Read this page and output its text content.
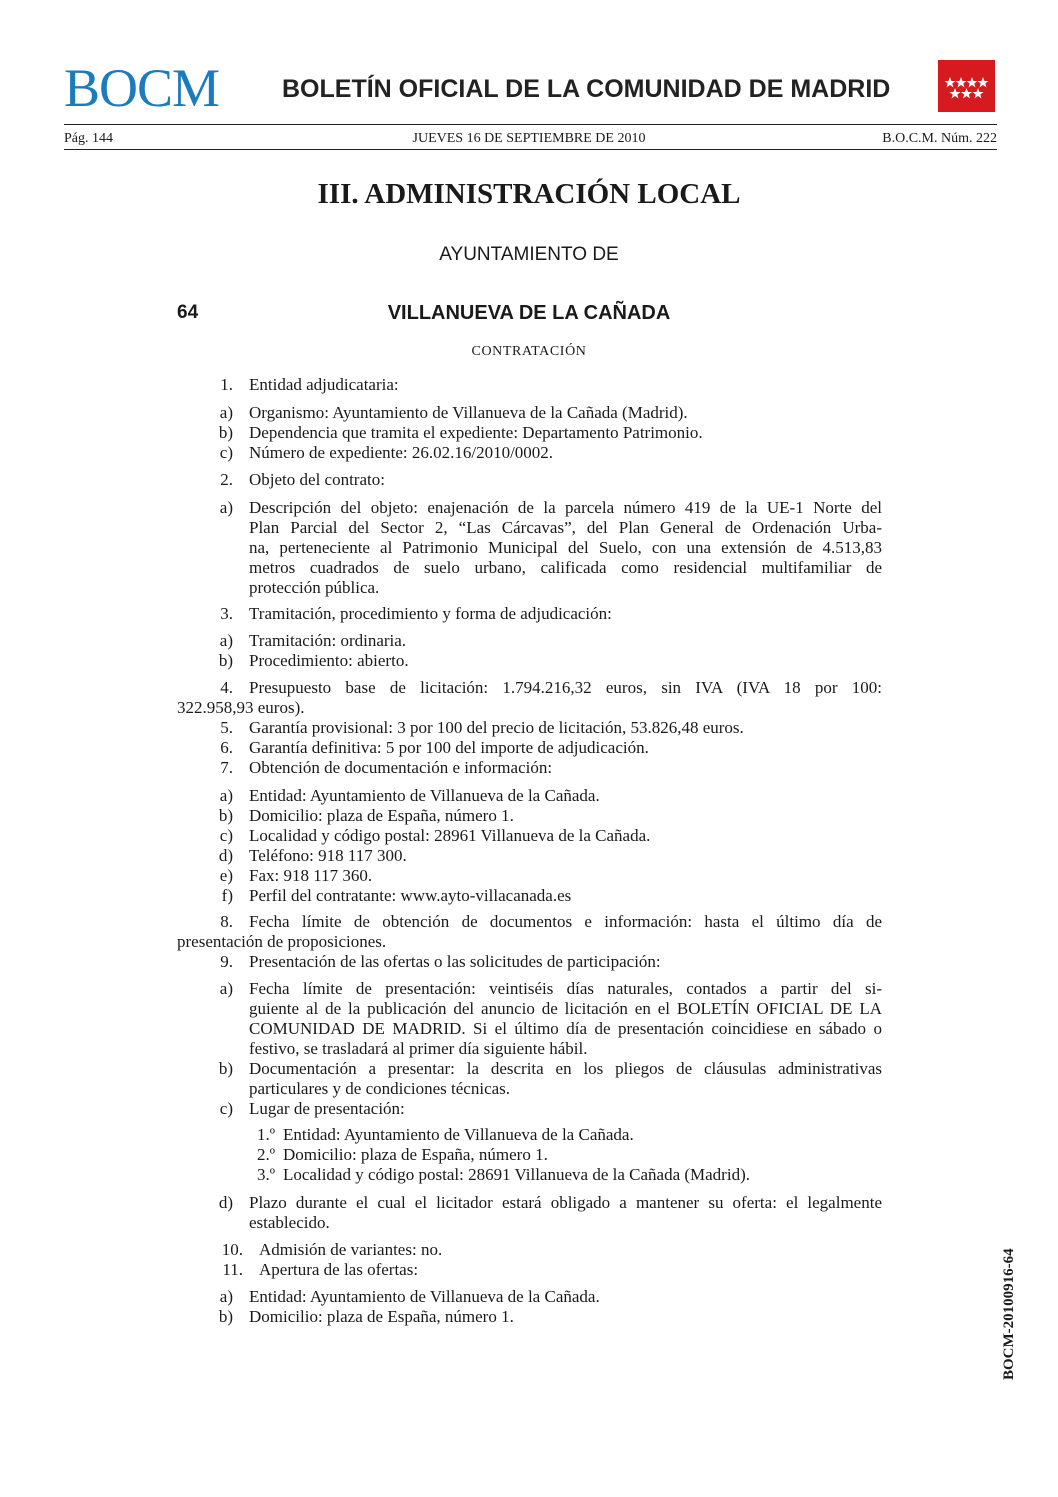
BOCM	BOLETÍN OFICIAL DE LA COMUNIDAD DE MADRID
Pág. 144	JUEVES 16 DE SEPTIEMBRE DE 2010	B.O.C.M. Núm. 222
III. ADMINISTRACIÓN LOCAL
AYUNTAMIENTO DE
64	VILLANUEVA DE LA CAÑADA
CONTRATACIÓN
1. Entidad adjudicataria:
a) Organismo: Ayuntamiento de Villanueva de la Cañada (Madrid).
b) Dependencia que tramita el expediente: Departamento Patrimonio.
c) Número de expediente: 26.02.16/2010/0002.
2. Objeto del contrato:
a) Descripción del objeto: enajenación de la parcela número 419 de la UE-1 Norte del
Plan Parcial del Sector 2, “Las Cárcavas”, del Plan General de Ordenación Urba-
na, perteneciente al Patrimonio Municipal del Suelo, con una extensión de 4.513,83
metros cuadrados de suelo urbano, calificada como residencial multifamiliar de
protección pública.
3. Tramitación, procedimiento y forma de adjudicación:
a) Tramitación: ordinaria.
b) Procedimiento: abierto.
4. Presupuesto base de licitación: 1.794.216,32 euros, sin IVA (IVA 18 por 100:
322.958,93 euros).
5. Garantía provisional: 3 por 100 del precio de licitación, 53.826,48 euros.
6. Garantía definitiva: 5 por 100 del importe de adjudicación.
7. Obtención de documentación e información:
a) Entidad: Ayuntamiento de Villanueva de la Cañada.
b) Domicilio: plaza de España, número 1.
c) Localidad y código postal: 28961 Villanueva de la Cañada.
d) Teléfono: 918 117 300.
e) Fax: 918 117 360.
f) Perfil del contratante: www.ayto-villacanada.es
8. Fecha límite de obtención de documentos e información: hasta el último día de
presentación de proposiciones.
9. Presentación de las ofertas o las solicitudes de participación:
a) Fecha límite de presentación: veintiséis días naturales, contados a partir del si-
guiente al de la publicación del anuncio de licitación en el BOLETÍN OFICIAL DE LA
COMUNIDAD DE MADRID. Si el último día de presentación coincidiese en sábado o
festivo, se trasladará al primer día siguiente hábil.
b) Documentación a presentar: la descrita en los pliegos de cláusulas administrativas
particulares y de condiciones técnicas.
c) Lugar de presentación:
1.º Entidad: Ayuntamiento de Villanueva de la Cañada.
2.º Domicilio: plaza de España, número 1.
3.º Localidad y código postal: 28691 Villanueva de la Cañada (Madrid).
d) Plazo durante el cual el licitador estará obligado a mantener su oferta: el legalmente
establecido.
10. Admisión de variantes: no.
11. Apertura de las ofertas:
a) Entidad: Ayuntamiento de Villanueva de la Cañada.
b) Domicilio: plaza de España, número 1.	BOCM-20100916-64
